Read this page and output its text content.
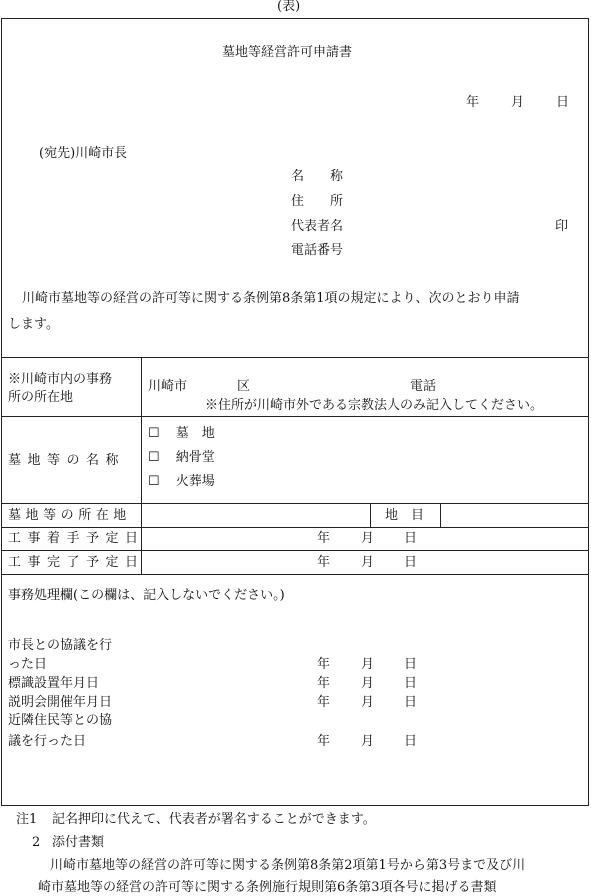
(表)
墓地等経営許可申請書
年 月 日
(宛先)川崎市長
名　　称
住　　所
代表者名	印
電話番号
川崎市墓地等の経営の許可等に関する条例第8条第1項の規定により、次のとおり申請
します。
※川崎市内の事務
所の所在地
川崎市	区	電話
※住所が川崎市外である宗教法人のみ記入してください。
墓地等の名称
☐ 墓　地
☐ 納骨堂
☐ 火葬場
墓地等の所在地	地　目
工事着手予定日	年 月 日
工事完了予定日	年 月 日
事務処理欄(この欄は、記入しないでください。)
市長との協議を行
った日	年 月 日
標識設置年月日	年 月 日
説明会開催年月日	年 月 日
近隣住民等との協
議を行った日	年 月 日
注1 記名押印に代えて、代表者が署名することができます。
2 添付書類
川崎市墓地等の経営の許可等に関する条例第8条第2項第1号から第3号まで及び川
崎市墓地等の経営の許可等に関する条例施行規則第6条第3項各号に掲げる書類
